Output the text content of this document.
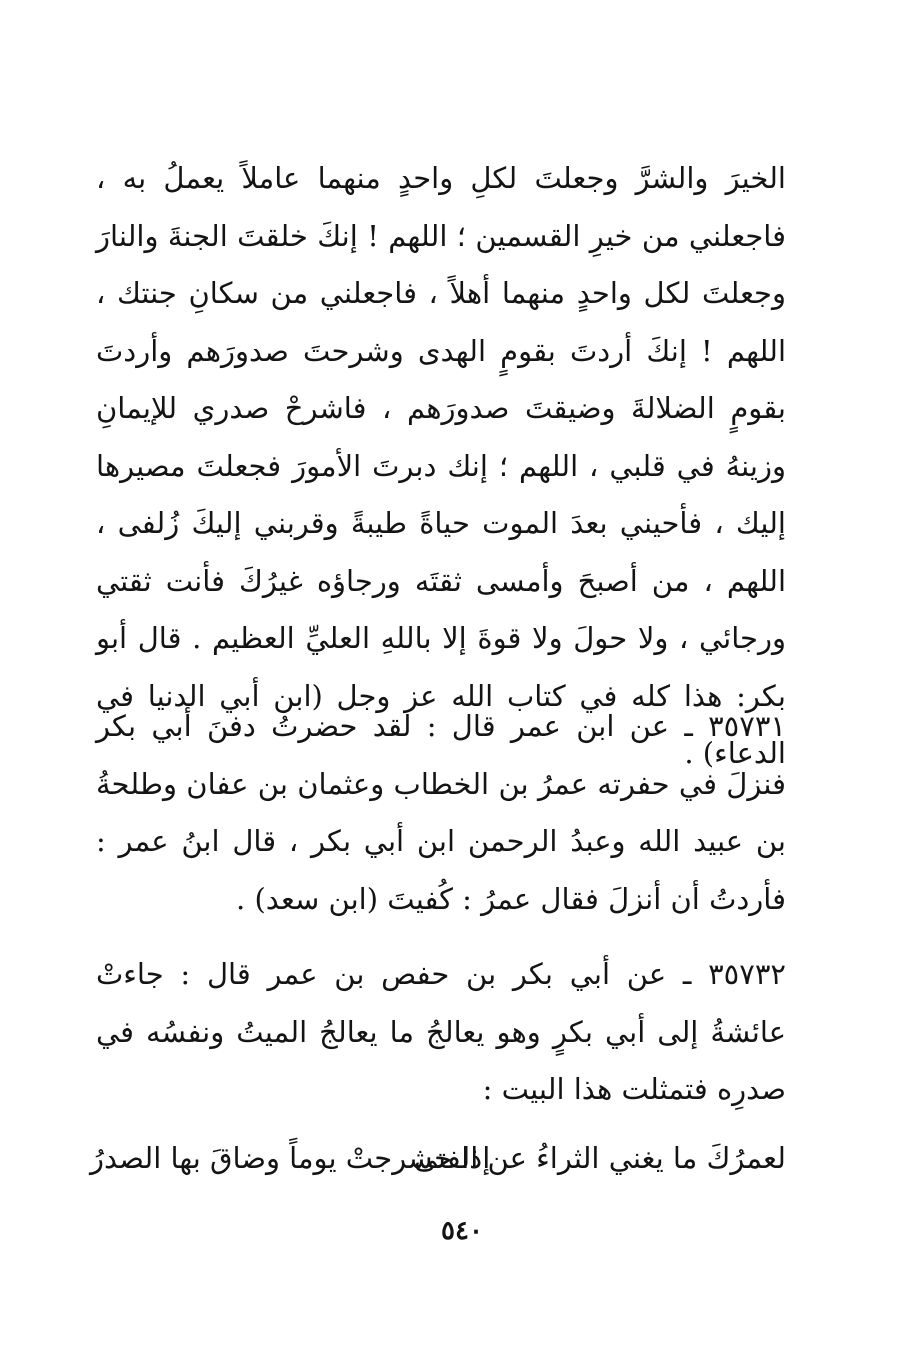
الخيرَ والشرَّ وجعلتَ لكلِ واحدٍ منهما عاملاً يعملُ به ، فاجعلني من خيرِ القسمين ؛ اللهم ! إنكَ خلقتَ الجنةَ والنارَ وجعلتَ لكل واحدٍ منهما أهلاً ، فاجعلني من سكانِ جنتك ، اللهم ! إنكَ أردتَ بقومٍ الهدى وشرحتَ صدورَهم وأردتَ بقومٍ الضلالةَ وضيقتَ صدورَهم ، فاشرحْ صدري للإيمانِ وزينهُ في قلبي ، اللهم ؛ إنك دبرتَ الأمورَ فجعلتَ مصيرها إليك ، فأحيني بعدَ الموت حياةً طيبةً وقربني إليكَ زُلفى ، اللهم ، من أصبحَ وأمسى ثقتَه ورجاؤه غيرُكَ فأنت ثقتي ورجائي ، ولا حولَ ولا قوةَ إلا باللهِ العليِّ العظيم . قال أبو بكر: هذا كله في كتاب الله عز وجل (ابن أبي الدنيا في الدعاء) .

٣٥٧٣١ ـ عن ابن عمر قال : لقد حضرتُ دفنَ أبي بكر فنزلَ في حفرته عمرُ بن الخطاب وعثمان بن عفان وطلحةُ بن عبيد الله وعبدُ الرحمن ابن أبي بكر ، قال ابنُ عمر : فأردتُ أن أنزلَ فقال عمرُ : كُفيتَ (ابن سعد) .

٣٥٧٣٢ ـ عن أبي بكر بن حفص بن عمر قال : جاءتْ عائشةُ إلى أبي بكرٍ وهو يعالجُ ما يعالجُ الميتُ ونفسُه في صدرِه فتمثلت هذا البيت :

لعمرُكَ ما يغني الثراءُ عن الفتى
إذا حشرجتْ يوماً وضاقَ بها الصدرُ
٥٤٠
